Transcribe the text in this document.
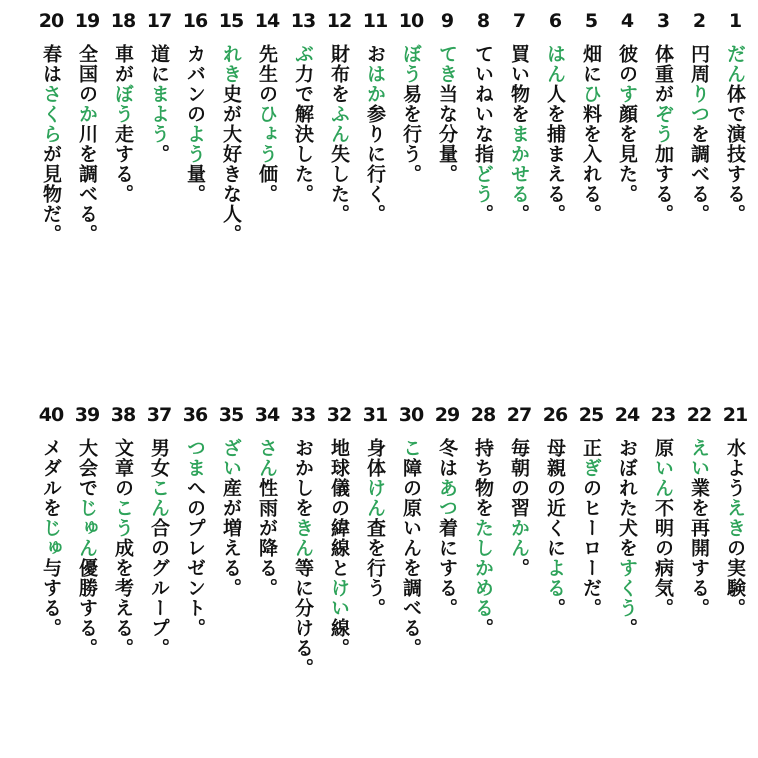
1
だん体で演技する。
2
円周りつを調べる。
3
体重がぞう加する。
4
彼のす顔を見た。
5
畑にひ料を入れる。
6
はん人を捕まえる。
7
買い物をまかせる。
8
ていねいな指どう。
9
てき当な分量。
10
ぼう易を行う。
11
おはか参りに行く。
12
財布をふん失した。
13
ぶ力で解決した。
14
先生のひょう価。
15
れき史が大好きな人。
16
カバンのよう量。
17
道にまよう。
18
車がぼう走する。
19
全国のか川を調べる。
20
春はさくらが見物だ。
21
水ようえきの実験。
22
えい業を再開する。
23
原いん不明の病気。
24
おぼれた犬をすくう。
25
正ぎのヒーローだ。
26
母親の近くによる。
27
毎朝の習かん。
28
持ち物をたしかめる。
29
冬はあつ着にする。
30
こ障の原いんを調べる。
31
身体けん査を行う。
32
地球儀の緯線とけい線。
33
おかしをきん等に分ける。
34
さん性雨が降る。
35
ざい産が増える。
36
つまへのプレゼント。
37
男女こん合のグループ。
38
文章のこう成を考える。
39
大会でじゅん優勝する。
40
メダルをじゅ与する。
